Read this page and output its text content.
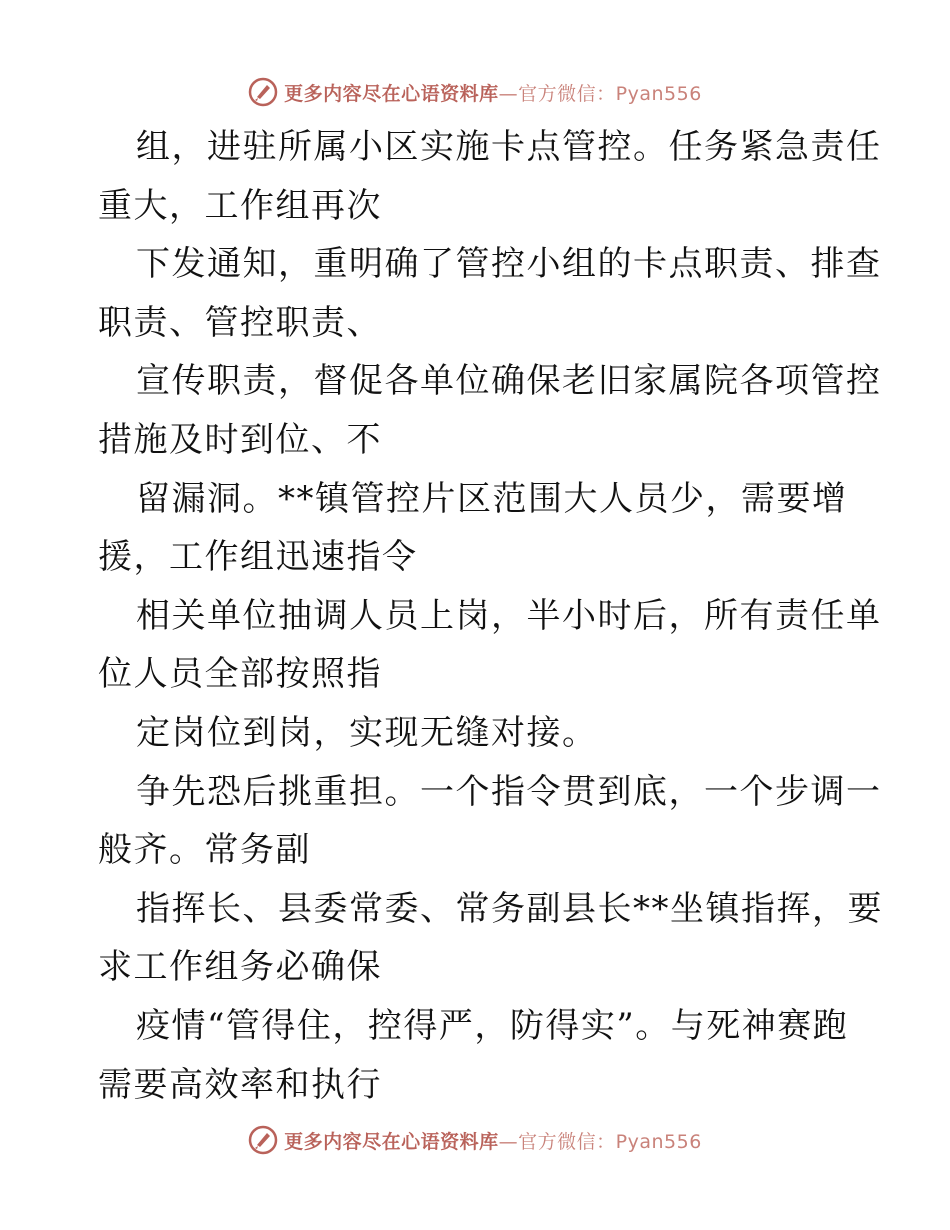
更多内容尽在心语资料库—官方微信：Pyan556
组，进驻所属小区实施卡点管控。任务紧急责任
重大，工作组再次
下发通知，重明确了管控小组的卡点职责、排查
职责、管控职责、
宣传职责，督促各单位确保老旧家属院各项管控
措施及时到位、不
留漏洞。**镇管控片区范围大人员少，需要增
援，工作组迅速指令
相关单位抽调人员上岗，半小时后，所有责任单
位人员全部按照指
定岗位到岗，实现无缝对接。
争先恐后挑重担。一个指令贯到底，一个步调一
般齐。常务副
指挥长、县委常委、常务副县长**坐镇指挥，要
求工作组务必确保
疫情“管得住，控得严，防得实”。与死神赛跑
需要高效率和执行
更多内容尽在心语资料库—官方微信：Pyan556
